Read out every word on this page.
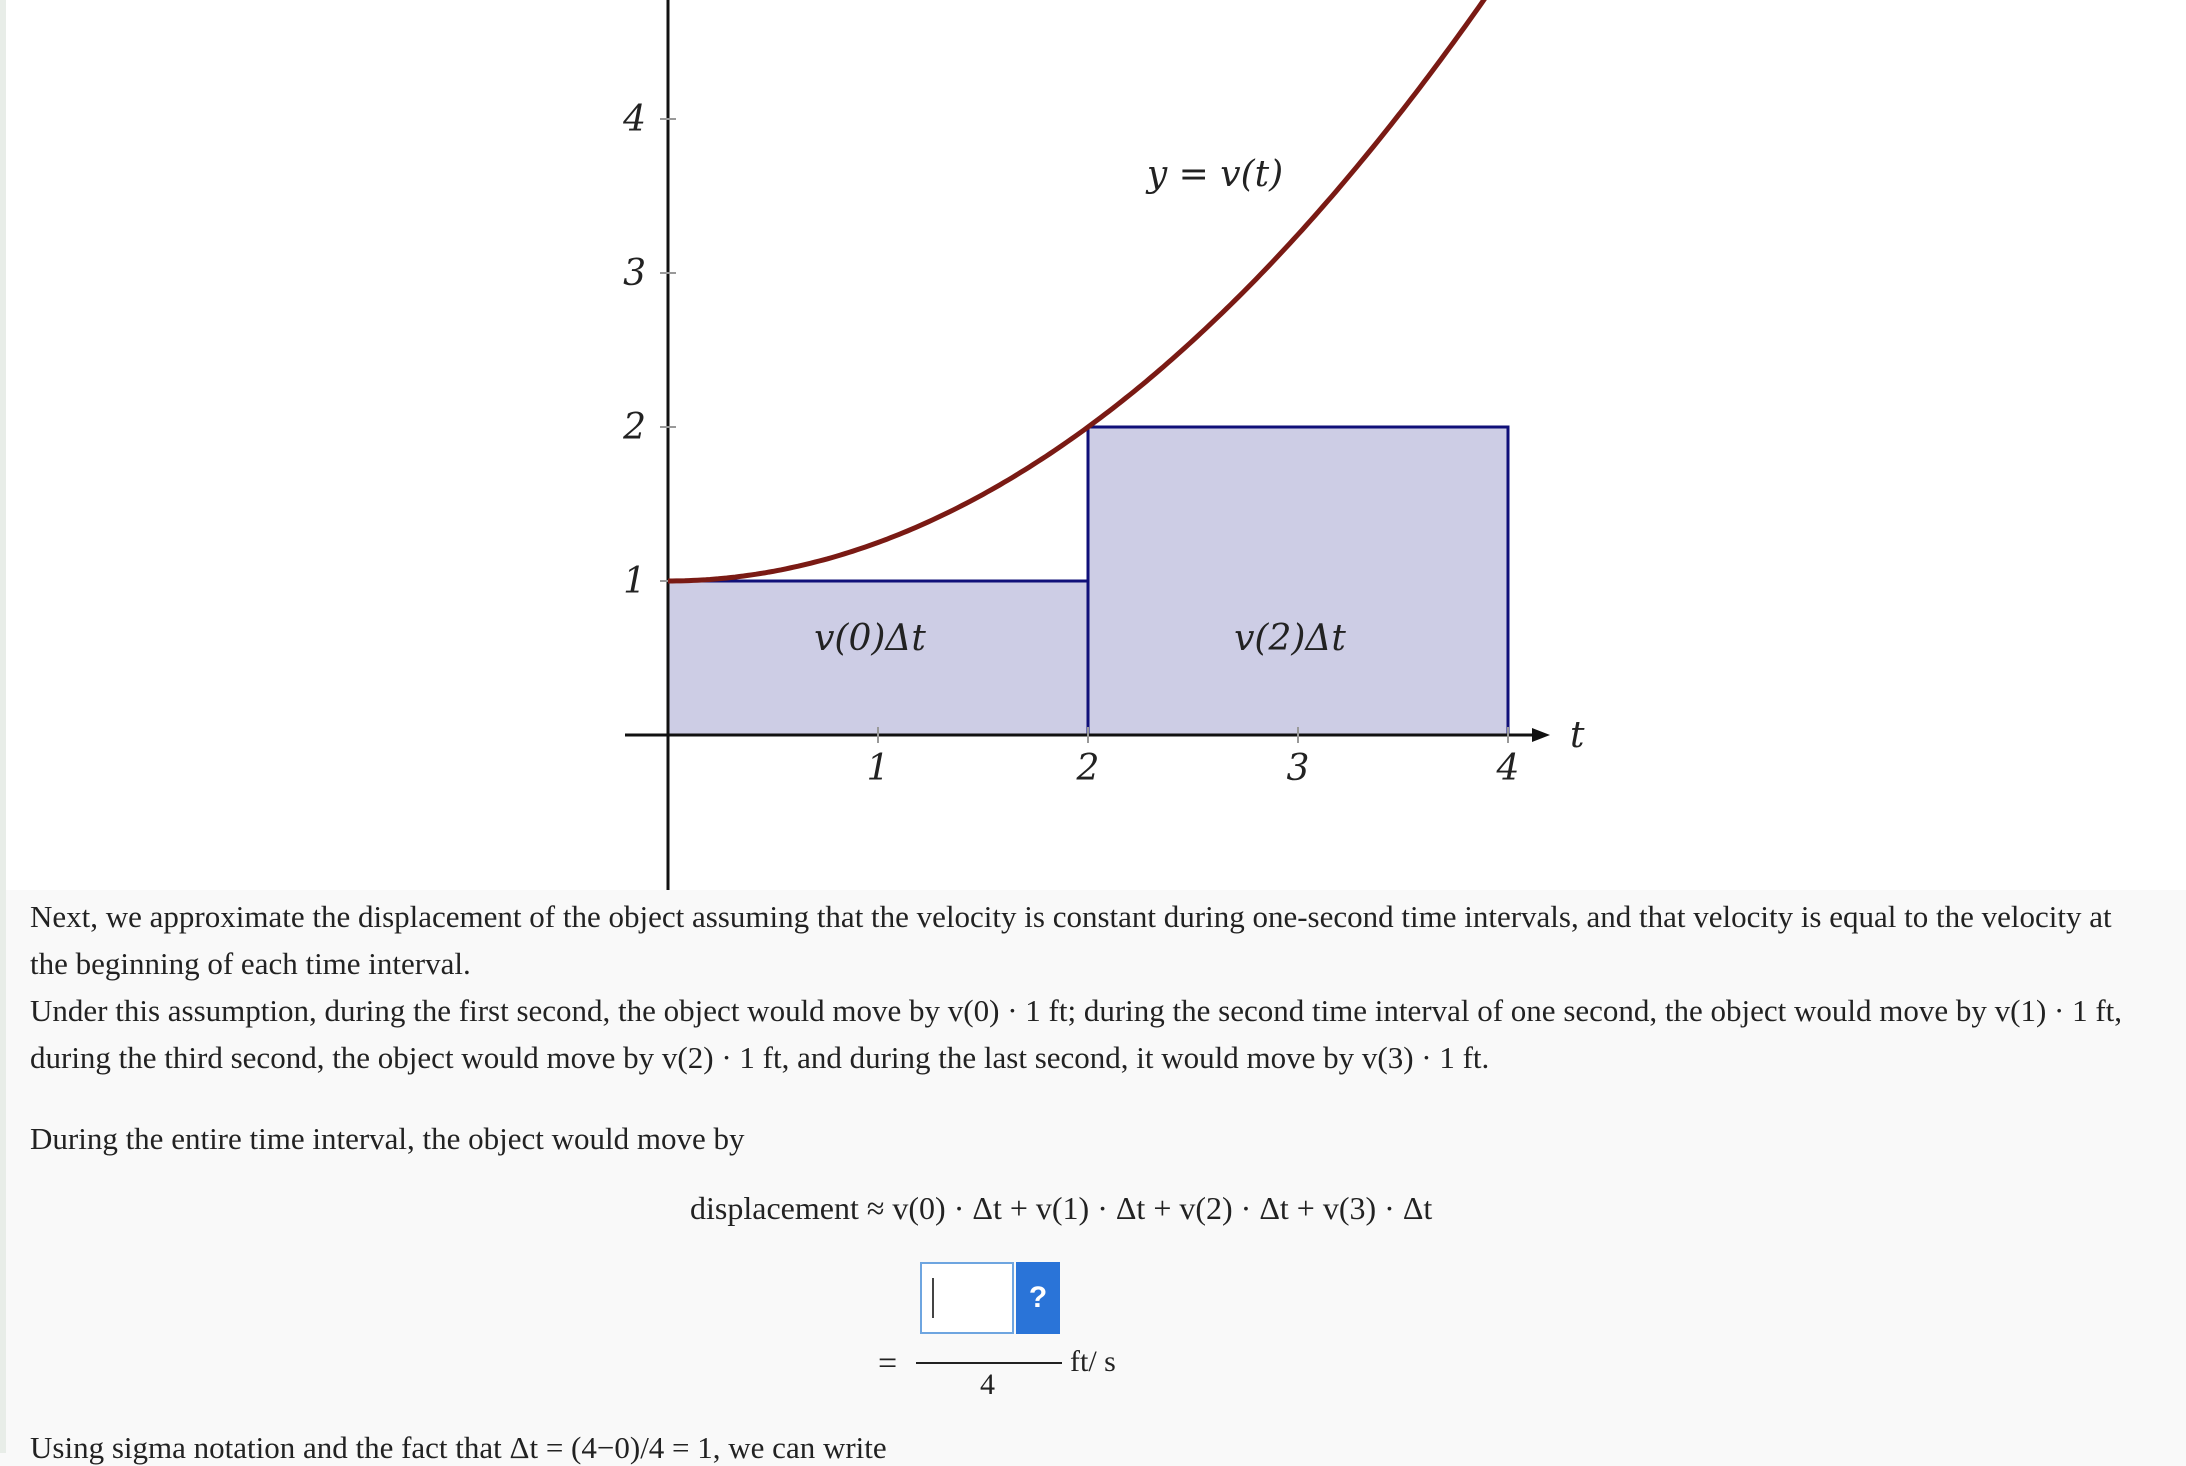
1	2	3	4
1
2
3
4
t
y = v(t)
v(0)Δt	v(2)Δt

Next, we approximate the displacement of the object assuming that the velocity is constant during one-second time intervals, and that velocity is equal to the velocity at the beginning of each time interval.

Under this assumption, during the first second, the object would move by v(0) · 1 ft; during the second time interval of one second, the object would move by v(1) · 1 ft, during the third second, the object would move by v(2) · 1 ft, and during the last second, it would move by v(3) · 1 ft.

During the entire time interval, the object would move by

displacement ≈ v(0) · Δt + v(1) · Δt + v(2) · Δt + v(3) · Δt
?
=
4
ft/ s
Using sigma notation and the fact that Δt = (4−0)/4 = 1, we can write
